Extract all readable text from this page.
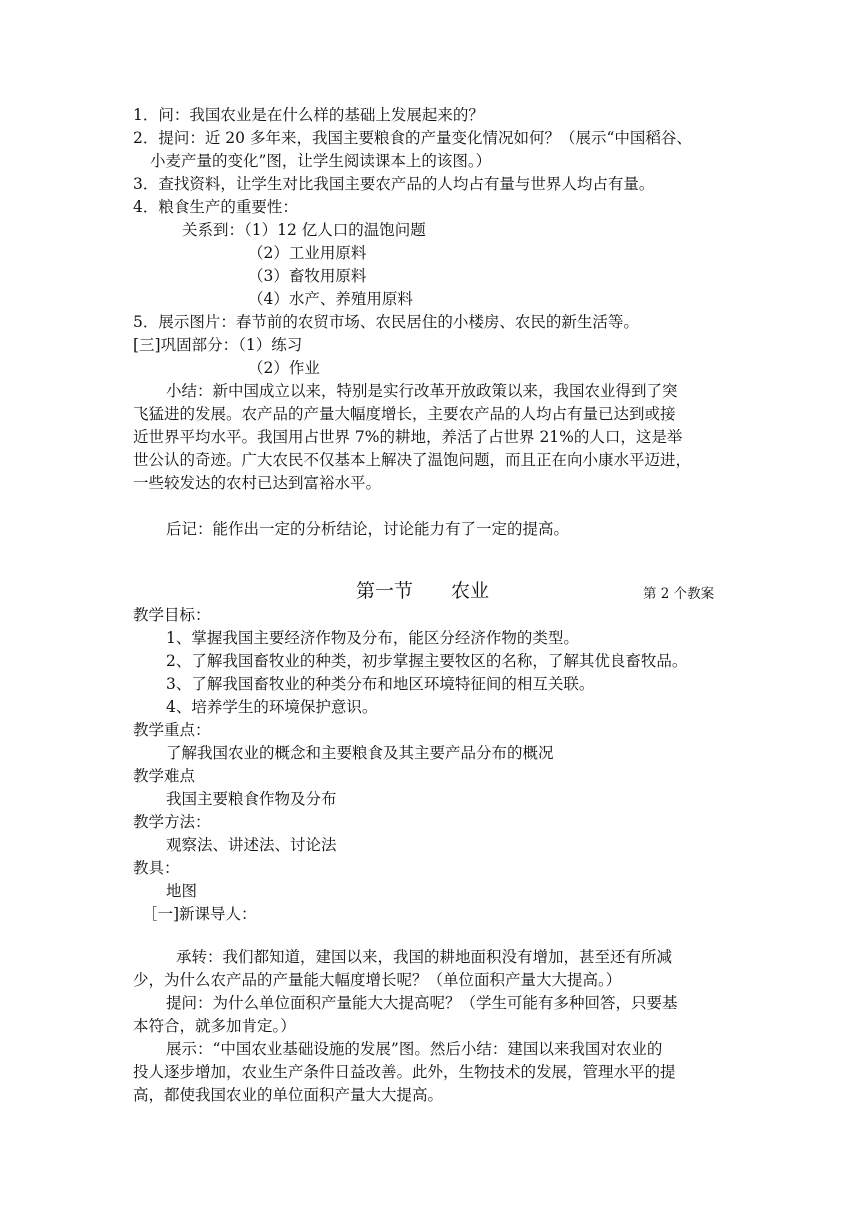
1．问：我国农业是在什么样的基础上发展起来的？
2．提问：近 20 多年来，我国主要粮食的产量变化情况如何？（展示“中国稻谷、
小麦产量的变化”图，让学生阅读课本上的该图。）
3．查找资料，让学生对比我国主要农产品的人均占有量与世界人均占有量。
4．粮食生产的重要性：
关系到：（1）12 亿人口的温饱问题
（2）工业用原料
（3）畜牧用原料
（4）水产、养殖用原料
5．展示图片：春节前的农贸市场、农民居住的小楼房、农民的新生活等。
[三]巩固部分：（1）练习
（2）作业
小结：新中国成立以来，特别是实行改革开放政策以来，我国农业得到了突
飞猛进的发展。农产品的产量大幅度增长，主要农产品的人均占有量已达到或接
近世界平均水平。我国用占世界 7%的耕地，养活了占世界 21%的人口，这是举
世公认的奇迹。广大农民不仅基本上解决了温饱问题，而且正在向小康水平迈进，
一些较发达的农村已达到富裕水平。
后记：能作出一定的分析结论，讨论能力有了一定的提高。
第一节　　农业	第 2 个教案
教学目标：
1、掌握我国主要经济作物及分布，能区分经济作物的类型。
2、了解我国畜牧业的种类，初步掌握主要牧区的名称，了解其优良畜牧品。
3、了解我国畜牧业的种类分布和地区环境特征间的相互关联。
4、培养学生的环境保护意识。
教学重点：
了解我国农业的概念和主要粮食及其主要产品分布的概况
教学难点
我国主要粮食作物及分布
教学方法：
观察法、讲述法、讨论法
教具：
地图
［一]新课导人：
承转：我们都知道，建国以来，我国的耕地面积没有增加，甚至还有所减
少，为什么农产品的产量能大幅度增长呢？（单位面积产量大大提高。）
提问：为什么单位面积产量能大大提高呢？（学生可能有多种回答，只要基
本符合，就多加肯定。）
展示：“中国农业基础设施的发展”图。然后小结：建国以来我国对农业的
投人逐步增加，农业生产条件日益改善。此外，生物技术的发展，管理水平的提
高，都使我国农业的单位面积产量大大提高。
